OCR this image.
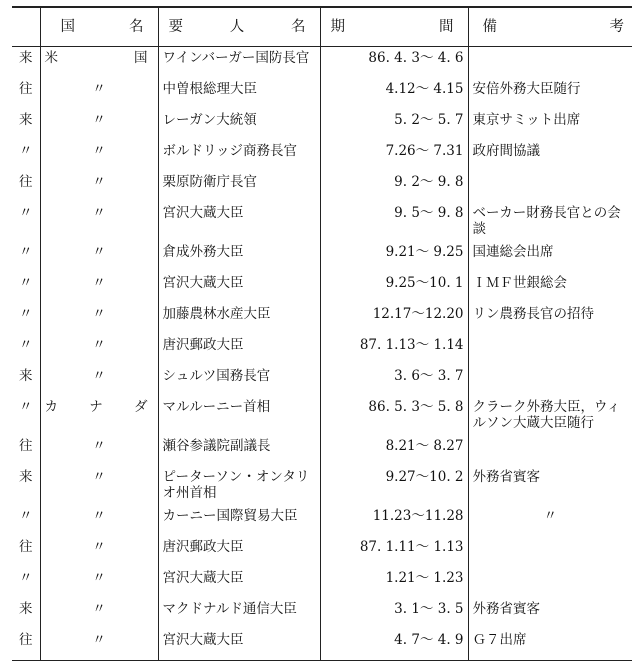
	国 名	要 人 名	期 間	備 考

来	米 国	ワインバーガー国防長官	86. 4. 3～ 4. 6	
往	〃	中曽根総理大臣	4.12～ 4.15	安倍外務大臣随行
来	〃	レーガン大統領	5. 2～ 5. 7	東京サミット出席
〃	〃	ボルドリッジ商務長官	7.26～ 7.31	政府間協議
往	〃	栗原防衛庁長官	9. 2～ 9. 8	
〃	〃	宮沢大蔵大臣	9. 5～ 9. 8	ベーカー財務長官との会談
〃	〃	倉成外務大臣	9.21～ 9.25	国連総会出席
〃	〃	宮沢大蔵大臣	9.25～10. 1	ＩＭＦ世銀総会
〃	〃	加藤農林水産大臣	12.17～12.20	リン農務長官の招待
〃	〃	唐沢郵政大臣	87. 1.13～ 1.14	
来	〃	シュルツ国務長官	3. 6～ 3. 7	
〃	カ ナ ダ	マルルーニー首相	86. 5. 3～ 5. 8	クラーク外務大臣，ウィルソン大蔵大臣随行
往	〃	瀬谷参議院副議長	8.21～ 8.27	
来	〃	ピーターソン・オンタリオ州首相	9.27～10. 2	外務省賓客
〃	〃	カーニー国際貿易大臣	11.23～11.28	〃
往	〃	唐沢郵政大臣	87. 1.11～ 1.13	
〃	〃	宮沢大蔵大臣	1.21～ 1.23	
来	〃	マクドナルド通信大臣	3. 1～ 3. 5	外務省賓客
往	〃	宮沢大蔵大臣	4. 7～ 4. 9	Ｇ７出席
